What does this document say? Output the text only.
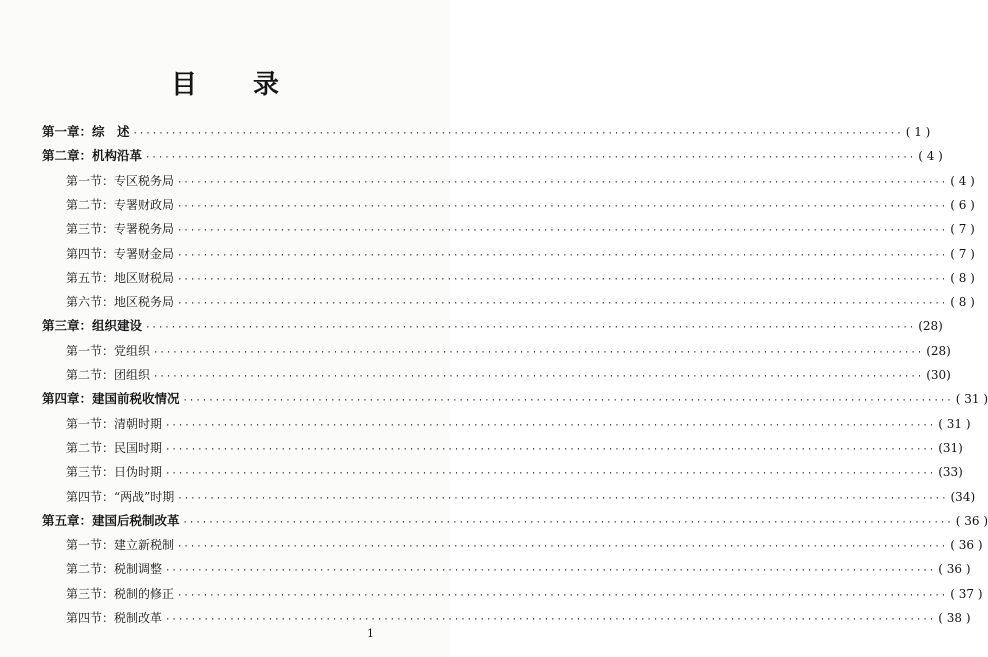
目 录
第一章：综　述 ························································································································ ( 1 )
第二章：机构沿革 ························································································································ ( 4 )
第一节：专区税务局 ························································································································ ( 4 )
第二节：专署财政局 ························································································································ ( 6 )
第三节：专署税务局 ························································································································ ( 7 )
第四节：专署财金局 ························································································································ ( 7 )
第五节：地区财税局 ························································································································ ( 8 )
第六节：地区税务局 ························································································································ ( 8 )
第三章：组织建设 ························································································································ (28)
第一节：党组织 ························································································································ (28)
第二节：团组织 ························································································································ (30)
第四章：建国前税收情况 ························································································································ ( 31 )
第一节：清朝时期 ························································································································ ( 31 )
第二节：民国时期 ························································································································ (31)
第三节：日伪时期 ························································································································ (33)
第四节：“两战”时期 ························································································································ (34)
第五章：建国后税制改革 ························································································································ ( 36 )
第一节：建立新税制 ························································································································ ( 36 )
第二节：税制调整 ························································································································ ( 36 )
第三节：税制的修正 ························································································································ ( 37 )
第四节：税制改革 ························································································································ ( 38 )
1
